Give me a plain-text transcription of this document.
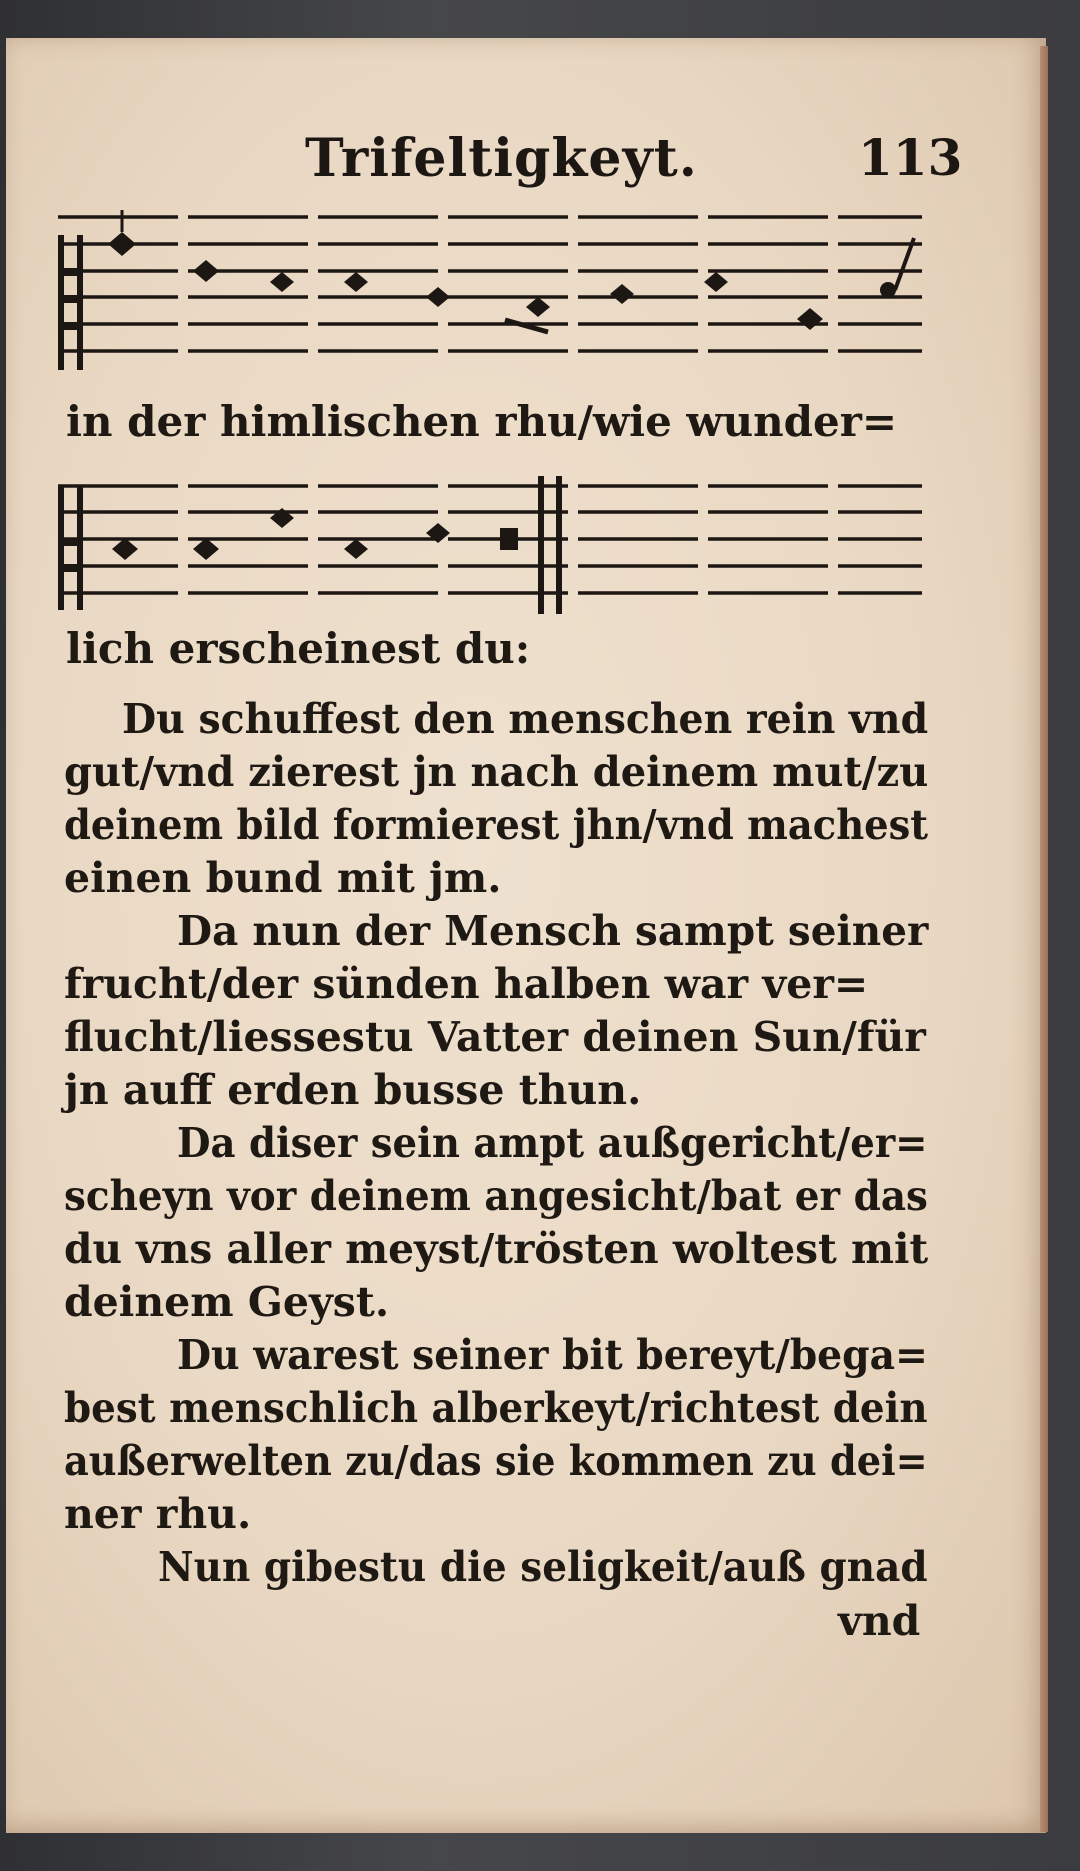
Trifeltigkeyt.	113

in der himlischen rhu/wie wunder=

lich erscheinest du:

Du schuffest den menschen rein vnd

gut/vnd zierest jn nach deinem mut/zu

deinem bild formierest jhn/vnd machest

einen bund mit jm.

Da nun der Mensch sampt seiner

frucht/der sünden halben war ver=

flucht/liessestu Vatter deinen Sun/für

jn auff erden busse thun.

Da diser sein ampt außgericht/er=

scheyn vor deinem angesicht/bat er das

du vns aller meyst/trösten woltest mit

deinem Geyst.

Du warest seiner bit bereyt/bega=

best menschlich alberkeyt/richtest dein

außerwelten zu/das sie kommen zu dei=

ner rhu.

Nun gibestu die seligkeit/auß gnad

vnd
